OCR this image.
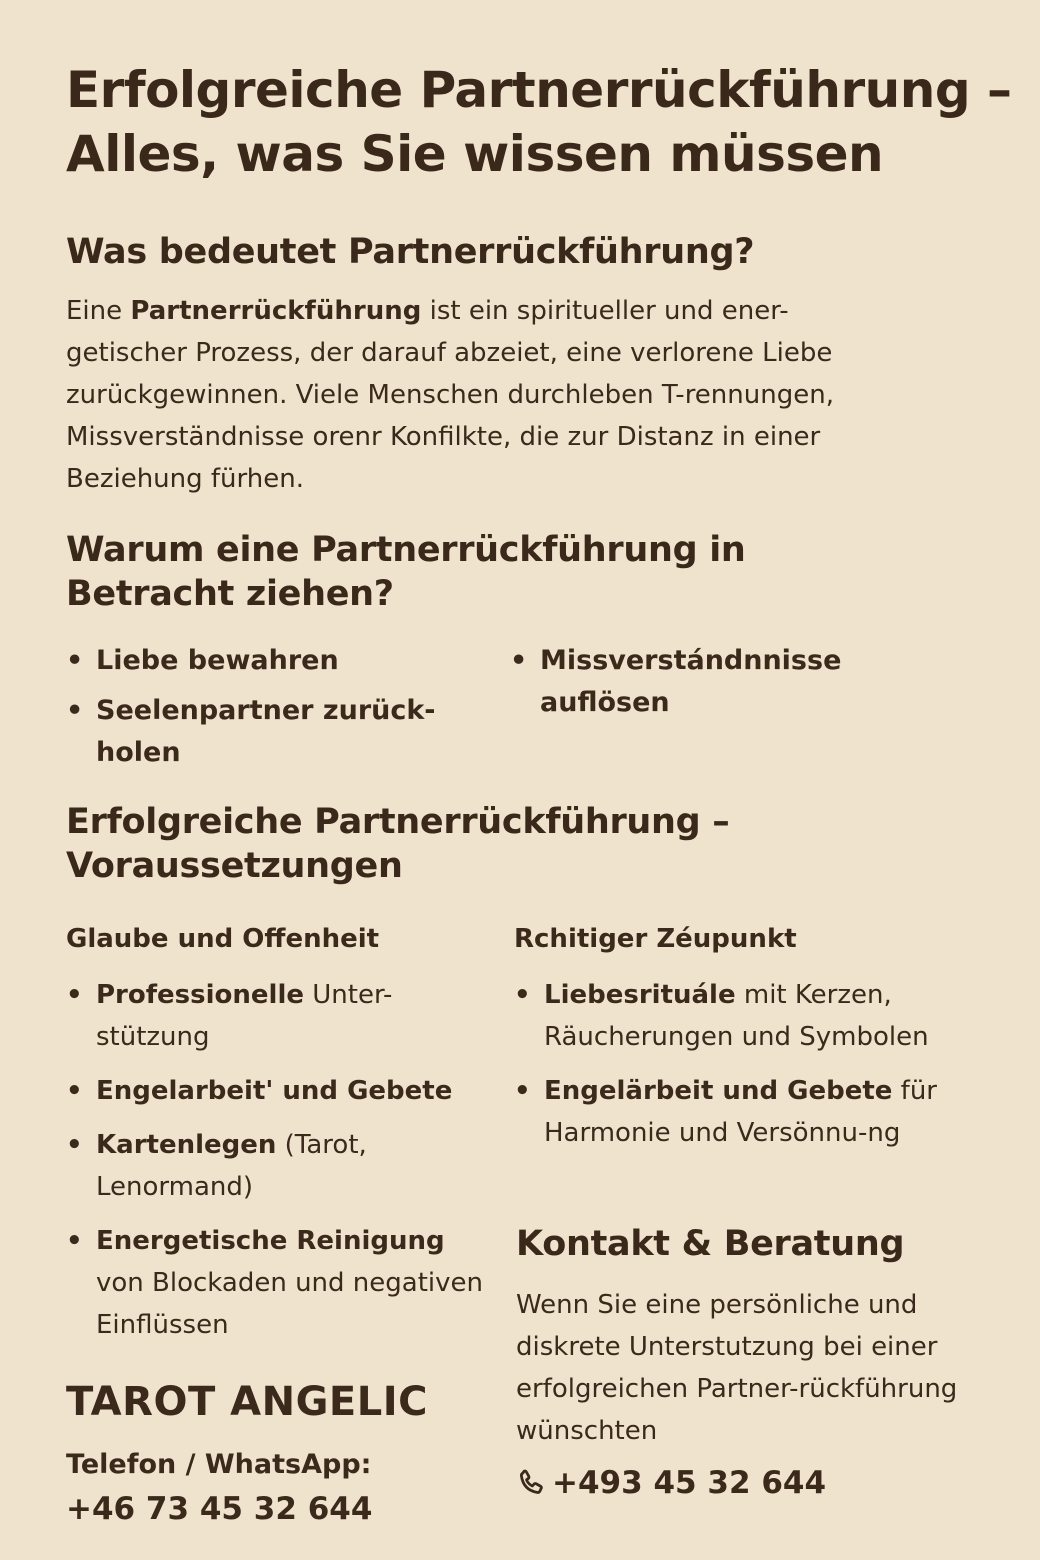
Erfolgreiche Partnerrückführung – Alles, was Sie wissen müssen
Was bedeutet Partnerrückführung?

Eine Partnerrückführung ist ein spiritueller und ener-getischer Prozess, der darauf abzeiet, eine verlorene Liebe zurückgewinnen. Viele Menschen durchleben T-rennungen, Missverständnisse orenr Konfilkte, die zur Distanz in einer Beziehung fürhen.

Warum eine Partnerrückführung in Betracht ziehen?
• Liebe bewahren
• Seelenpartner zurück-holen
• Missverstándnnisse auflösen
Erfolgreiche Partnerrückführung – Voraussetzungen
Glaube und Offenheit
• Professionelle Unter-stützung
• Engelarbeit' und Gebete
• Kartenlegen (Tarot, Lenormand)
• Energetische Reinigung von Blockaden und negativen Einflüssen
Rchitiger Zéupunkt
• Liebesrituále mit Kerzen, Räucherungen und Symbolen
• Engelärbeit und Gebete für Harmonie und Versönnu-ng
Kontakt & Beratung

Wenn Sie eine persönliche und diskrete Unterstutzung bei einer erfolgreichen Partner-rückführung wünschten

+493 45 32 644
TAROT ANGELIC
Telefon / WhatsApp:
+46 73 45 32 644
